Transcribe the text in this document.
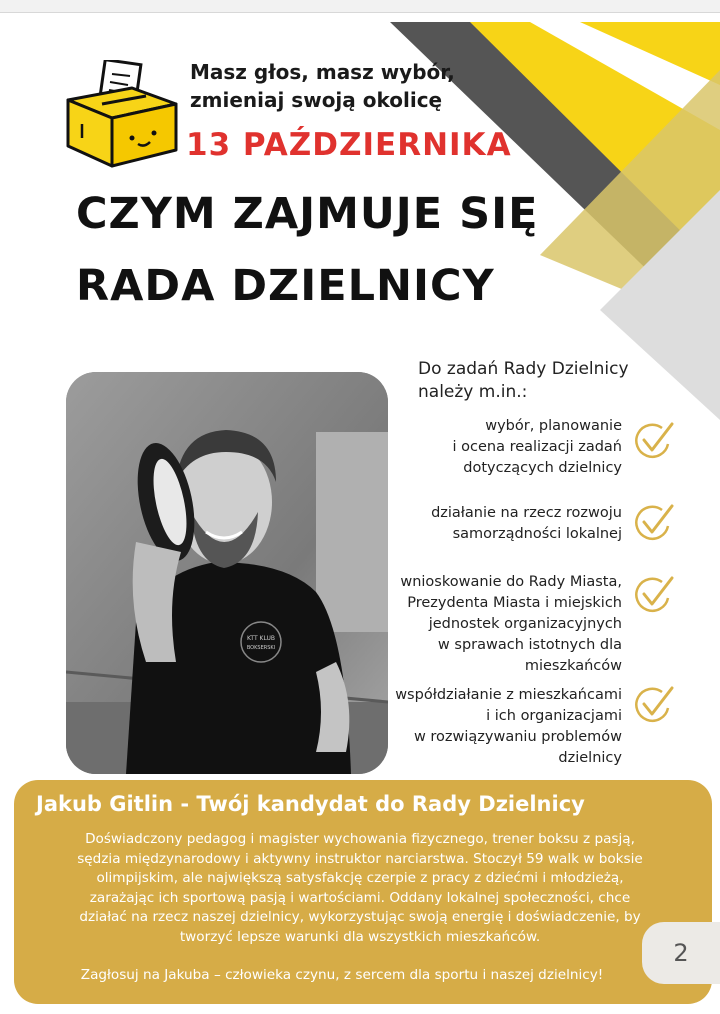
Masz głos, masz wybór,
zmieniaj swoją okolicę
13 PAŹDZIERNIKA
CZYM ZAJMUJE SIĘ
RADA DZIELNICY
KTT KLUB
BOKSERSKI
Do zadań Rady Dzielnicy
należy m.in.:
wybór, planowanie
i ocena realizacji zadań
dotyczących dzielnicy
działanie na rzecz rozwoju
samorządności lokalnej
wnioskowanie do Rady Miasta,
Prezydenta Miasta i miejskich
jednostek organizacyjnych
w sprawach istotnych dla
mieszkańców
współdziałanie z mieszkańcami
i ich organizacjami
w rozwiązywaniu problemów
dzielnicy
Jakub Gitlin - Twój kandydat do Rady Dzielnicy
Doświadczony pedagog i magister wychowania fizycznego, trener boksu z pasją,
sędzia międzynarodowy i aktywny instruktor narciarstwa. Stoczył 59 walk w boksie
olimpijskim, ale największą satysfakcję czerpie z pracy z dziećmi i młodzieżą,
zarażając ich sportową pasją i wartościami. Oddany lokalnej społeczności, chce
działać na rzecz naszej dzielnicy, wykorzystując swoją energię i doświadczenie, by
tworzyć lepsze warunki dla wszystkich mieszkańców.
Zagłosuj na Jakuba – człowieka czynu, z sercem dla sportu i naszej dzielnicy!
2
